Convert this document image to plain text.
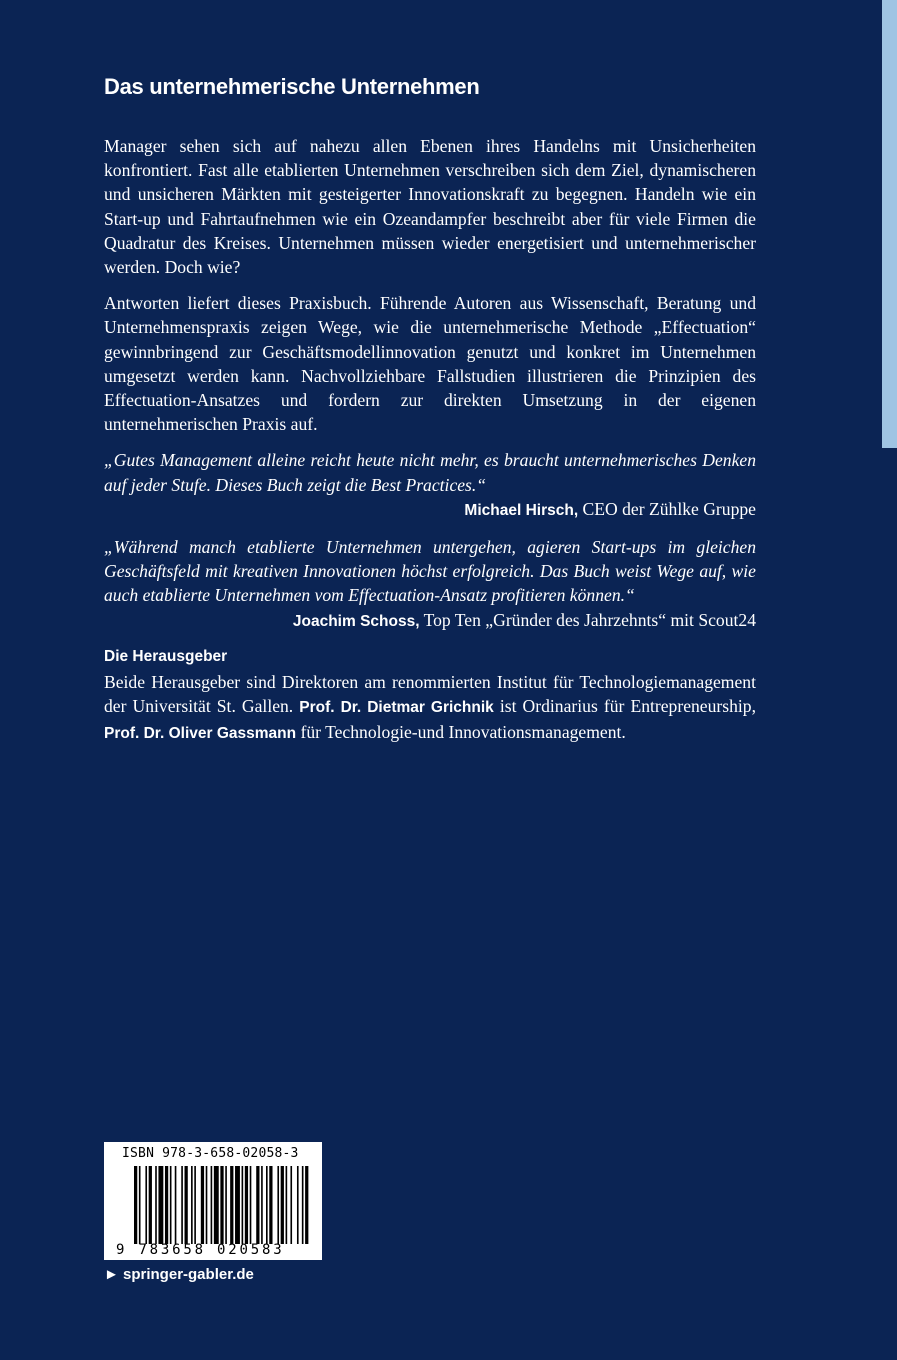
Das unternehmerische Unternehmen

Manager sehen sich auf nahezu allen Ebenen ihres Handelns mit Unsicherheiten konfrontiert. Fast alle etablierten Unternehmen verschreiben sich dem Ziel, dynamischeren und unsicheren Märkten mit gesteigerter Innovationskraft zu begegnen. Handeln wie ein Start-up und Fahrtaufnehmen wie ein Ozeandampfer beschreibt aber für viele Firmen die Quadratur des Kreises. Unternehmen müssen wieder energetisiert und unternehmerischer werden. Doch wie?

Antworten liefert dieses Praxisbuch. Führende Autoren aus Wissenschaft, Beratung und Unternehmenspraxis zeigen Wege, wie die unternehmerische Methode „Effectuation“ gewinnbringend zur Geschäftsmodellinnovation genutzt und konkret im Unternehmen umgesetzt werden kann. Nachvollziehbare Fallstudien illustrieren die Prinzipien des Effectuation-Ansatzes und fordern zur direkten Umsetzung in der eigenen unternehmerischen Praxis auf.

„Gutes Management alleine reicht heute nicht mehr, es braucht unternehmerisches Denken auf jeder Stufe. Dieses Buch zeigt die Best Practices.“

Michael Hirsch, CEO der Zühlke Gruppe

„Während manch etablierte Unternehmen untergehen, agieren Start-ups im gleichen Geschäftsfeld mit kreativen Innovationen höchst erfolgreich. Das Buch weist Wege auf, wie auch etablierte Unternehmen vom Effectuation-Ansatz profitieren können.“

Joachim Schoss, Top Ten „Gründer des Jahrzehnts“ mit Scout24

Die Herausgeber

Beide Herausgeber sind Direktoren am renommierten Institut für Technologiemanagement der Universität St. Gallen. Prof. Dr. Dietmar Grichnik ist Ordinarius für Entrepreneurship, Prof. Dr. Oliver Gassmann für Technologie-und Innovationsmanagement.

ISBN 978-3-658-02058-3
9 783658 020583
► springer-gabler.de
